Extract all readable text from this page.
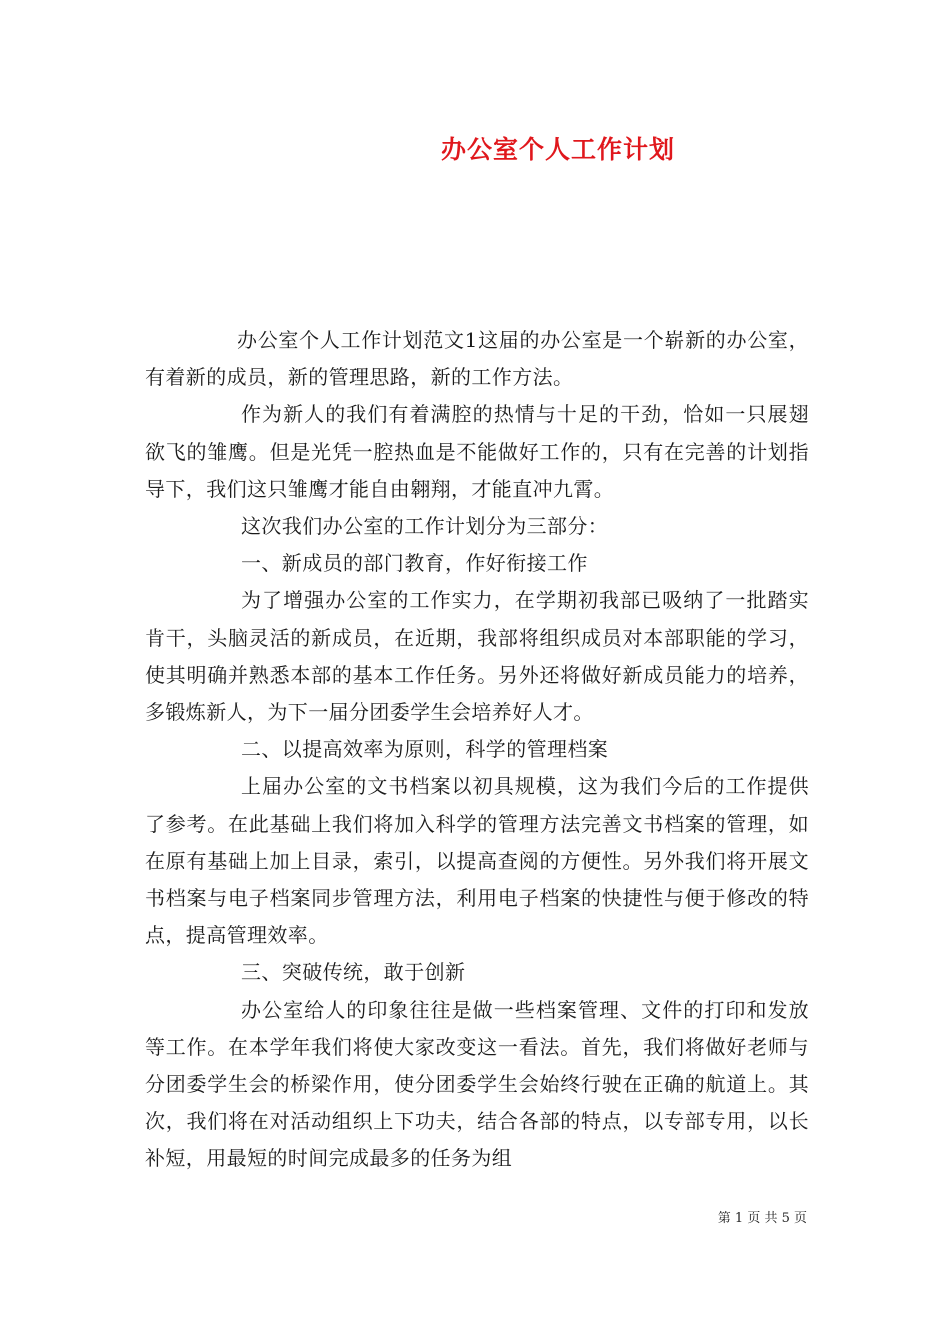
办公室个人工作计划

办公室个人工作计划范文1这届的办公室是一个崭新的办公室，有着新的成员，新的管理思路，新的工作方法。

作为新人的我们有着满腔的热情与十足的干劲，恰如一只展翅欲飞的雏鹰。但是光凭一腔热血是不能做好工作的，只有在完善的计划指导下，我们这只雏鹰才能自由翱翔，才能直冲九霄。

这次我们办公室的工作计划分为三部分：

一、新成员的部门教育，作好衔接工作

为了增强办公室的工作实力，在学期初我部已吸纳了一批踏实肯干，头脑灵活的新成员，在近期，我部将组织成员对本部职能的学习，使其明确并熟悉本部的基本工作任务。另外还将做好新成员能力的培养，多锻炼新人，为下一届分团委学生会培养好人才。

二、以提高效率为原则，科学的管理档案

上届办公室的文书档案以初具规模，这为我们今后的工作提供了参考。在此基础上我们将加入科学的管理方法完善文书档案的管理，如在原有基础上加上目录，索引，以提高查阅的方便性。另外我们将开展文书档案与电子档案同步管理方法，利用电子档案的快捷性与便于修改的特点，提高管理效率。

三、突破传统，敢于创新

办公室给人的印象往往是做一些档案管理、文件的打印和发放等工作。在本学年我们将使大家改变这一看法。首先，我们将做好老师与分团委学生会的桥梁作用，使分团委学生会始终行驶在正确的航道上。其次，我们将在对活动组织上下功夫，结合各部的特点，以专部专用，以长补短，用最短的时间完成最多的任务为组

第 1 页 共 5 页
